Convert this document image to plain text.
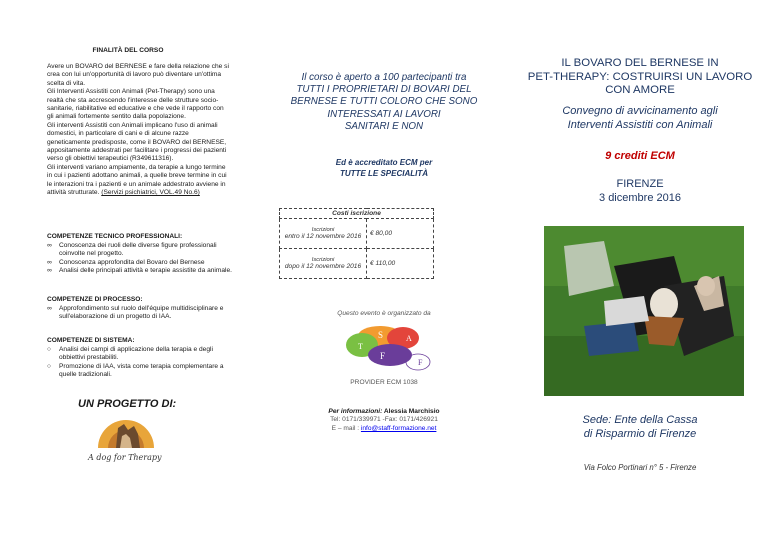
FINALITÀ DEL CORSO
Avere un BOVARO del BERNESE e fare della relazione che si
crea con lui un'opportunità di lavoro può diventare un'ottima
scelta di vita.
Gli Interventi Assistiti con Animali (Pet-Therapy) sono una
realtà che sta accrescendo l'interesse delle strutture socio-
sanitarie, riabilitative ed educative e che vede il rapporto con
gli animali fortemente sentito dalla popolazione.
Gli interventi Assistiti con Animali implicano l'uso di animali
domestici, in particolare di cani e di alcune razze
geneticamente predisposte, come il BOVARO del BERNESE,
appositamente addestrati per facilitare i progressi dei pazienti
verso gli obiettivi terapeutici (R349611316).
Gli interventi variano ampiamente, da terapie a lungo termine
in cui i pazienti adottano animali, a quelle breve termine in cui
le interazioni tra i pazienti e un animale addestrato avviene in
attività strutturate. (Servizi psichiatrici, VOL.49 No.6)
COMPETENZE TECNICO PROFESSIONALI:
∞ Conoscenza dei ruoli delle diverse figure professionali coinvolte nel progetto.
∞ Conoscenza approfondita del Bovaro del Bernese
∞ Analisi delle principali attività e terapie assistite da animale.
COMPETENZE DI PROCESSO:
∞ Approfondimento sul ruolo dell'équipe multidisciplinare e sull'elaborazione di un progetto di IAA.
COMPETENZE DI SISTEMA:
○ Analisi dei campi di applicazione della terapia e degli obbiettivi prestabiliti.
○ Promozione di IAA, vista come terapia complementare a quelle tradizionali.
UN PROGETTO DI:
A dog for Therapy
Il corso è aperto a 100 partecipanti tra
TUTTI I PROPRIETARI DI BOVARI DEL
BERNESE E TUTTI COLORO CHE SONO
INTERESSATI AI LAVORI
SANITARI E NON
Ed è accreditato ECM per
TUTTE LE SPECIALITÀ
Costi iscrizione	

Iscrizioni
entro il 12 novembre 2016	€ 80,00

Iscrizioni
dopo il 12 novembre 2016	€ 110,00
Questo evento è organizzato da
S	A
F
F
T
PROVIDER ECM 1038
Per informazioni: Alessia Marchisio
Tel: 0171/339971 -Fax: 0171/426921
E – mail : info@staff-formazione.net
IL BOVARO DEL BERNESE IN
PET-THERAPY: COSTRUIRSI UN LAVORO
CON AMORE
Convegno di avvicinamento agli
Interventi Assistiti con Animali
9 crediti ECM
FIRENZE
3 dicembre 2016
Sede: Ente della Cassa
di Risparmio di Firenze
Via Folco Portinari n° 5 - Firenze
